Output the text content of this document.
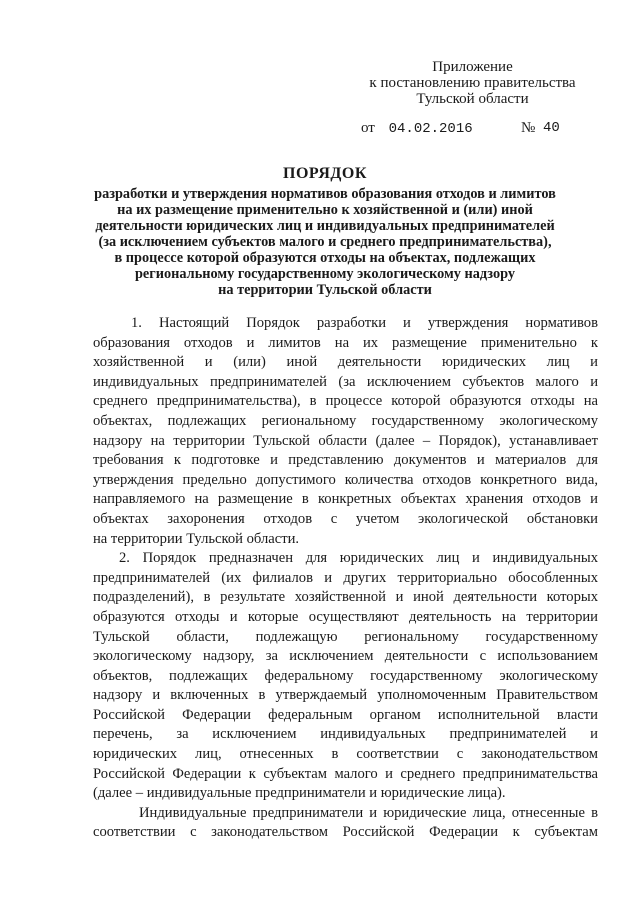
Приложение
к постановлению правительства
Тульской области
от 04.02.2016	№ 40
ПОРЯДОК
разработки и утверждения нормативов образования отходов и лимитов
на их размещение применительно к хозяйственной и (или) иной
деятельности юридических лиц и индивидуальных предпринимателей
(за исключением субъектов малого и среднего предпринимательства),
в процессе которой образуются отходы на объектах, подлежащих
региональному государственному экологическому надзору
на территории Тульской области
1. Настоящий Порядок разработки и утверждения нормативов
образования отходов и лимитов на их размещение применительно к
хозяйственной и (или) иной деятельности юридических лиц и
индивидуальных предпринимателей (за исключением субъектов малого и
среднего предпринимательства), в процессе которой образуются отходы на
объектах, подлежащих региональному государственному экологическому
надзору на территории Тульской области (далее – Порядок), устанавливает
требования к подготовке и представлению документов и материалов для
утверждения предельно допустимого количества отходов конкретного вида,
направляемого на размещение в конкретных объектах хранения отходов и
объектах захоронения отходов с учетом экологической обстановки
на территории Тульской области.
2. Порядок предназначен для юридических лиц и индивидуальных
предпринимателей (их филиалов и других территориально обособленных
подразделений), в результате хозяйственной и иной деятельности которых
образуются отходы и которые осуществляют деятельность на территории
Тульской области, подлежащую региональному государственному
экологическому надзору, за исключением деятельности с использованием
объектов, подлежащих федеральному государственному экологическому
надзору и включенных в утверждаемый уполномоченным Правительством
Российской Федерации федеральным органом исполнительной власти
перечень, за исключением индивидуальных предпринимателей и
юридических лиц, отнесенных в соответствии с законодательством
Российской Федерации к субъектам малого и среднего предпринимательства
(далее – индивидуальные предприниматели и юридические лица).
Индивидуальные предприниматели и юридические лица, отнесенные в
соответствии с законодательством Российской Федерации к субъектам
